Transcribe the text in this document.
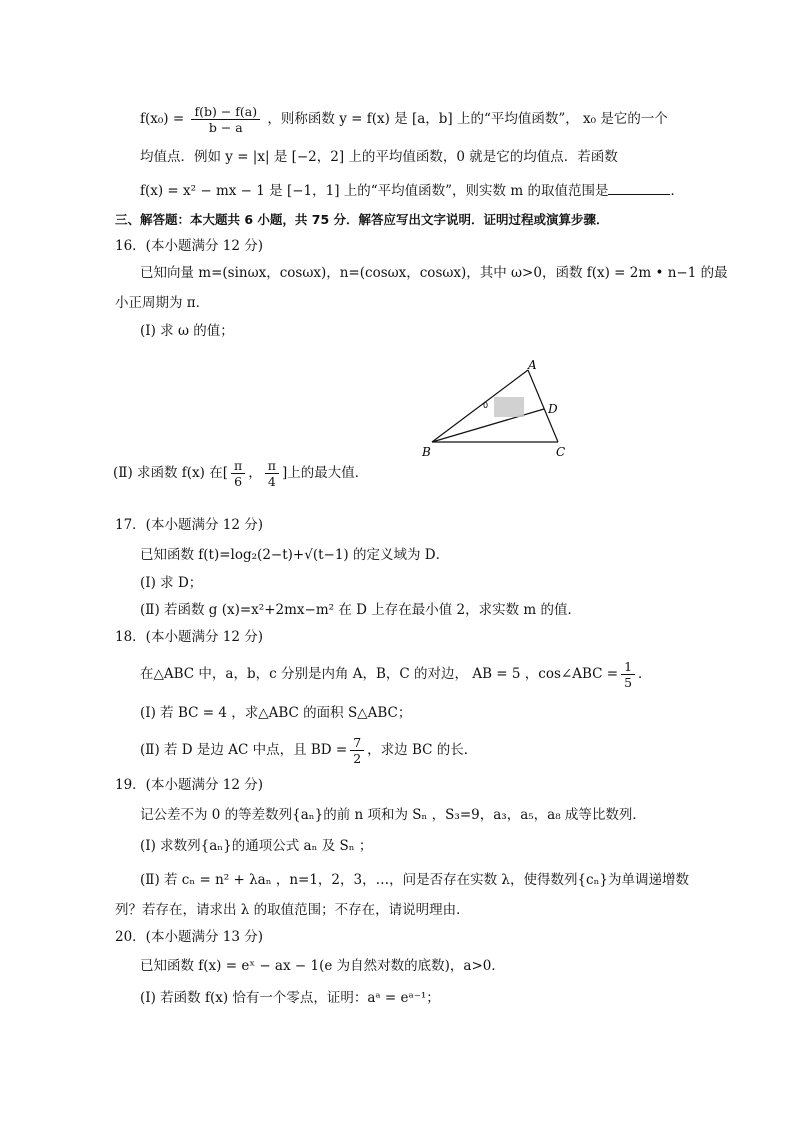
$f(x_0) = \frac{f(b) - f(a)}{b - a}$ ，则称函数 y = f(x) 是 [a，b] 上的“平均值函数”， x₀ 是它的一个
均值点．例如 y = |x| 是 [−2，2] 上的平均值函数，0 就是它的均值点．若函数
f(x) = x² − mx − 1 是 [−1，1] 上的“平均值函数”，则实数 m 的取值范围是	．
三、解答题：本大题共 6 小题，共 75 分．解答应写出文字说明．证明过程或演算步骤．
16．(本小题满分 12 分)
已知向量 m=(sinωx，cosωx)，n=(cosωx，cosωx)，其中 ω>0，函数 f(x) = 2m • n−1 的最
小正周期为 π．
(Ⅰ) 求 ω 的值；
A
B	C
D
0
(Ⅱ) 求函数 f(x) 在[ $\frac{\pi}{6}$ ， $\frac{\pi}{4}$ ]上的最大值．
17．(本小题满分 12 分)
已知函数 f(t)=log₂(2−t)+√(t−1) 的定义域为 D．
(Ⅰ) 求 D；
(Ⅱ) 若函数 g (x)=x²+2mx−m² 在 D 上存在最小值 2，求实数 m 的值．
18．(本小题满分 12 分)
在△ABC 中，a，b，c 分别是内角 A，B，C 的对边， AB = 5 ，cos∠ABC = $\frac{1}{5}$ ．
(Ⅰ) 若 BC = 4 ，求△ABC 的面积 S△ABC；
(Ⅱ) 若 D 是边 AC 中点，且 BD = $\frac{7}{2}$ ，求边 BC 的长．
19．(本小题满分 12 分)
记公差不为 0 的等差数列{aₙ}的前 n 项和为 Sₙ ，S₃=9，a₃，a₅，a₈ 成等比数列．
(Ⅰ) 求数列{aₙ}的通项公式 aₙ 及 Sₙ ；
(Ⅱ) 若 cₙ = n² + λaₙ ，n=1，2，3，…，问是否存在实数 λ，使得数列{cₙ}为单调递增数
列？若存在，请求出 λ 的取值范围；不存在，请说明理由．
20．(本小题满分 13 分)
已知函数 f(x) = eˣ − ax − 1(e 为自然对数的底数)，a>0．
(Ⅰ) 若函数 f(x) 恰有一个零点，证明：aᵃ = eᵃ⁻¹；
